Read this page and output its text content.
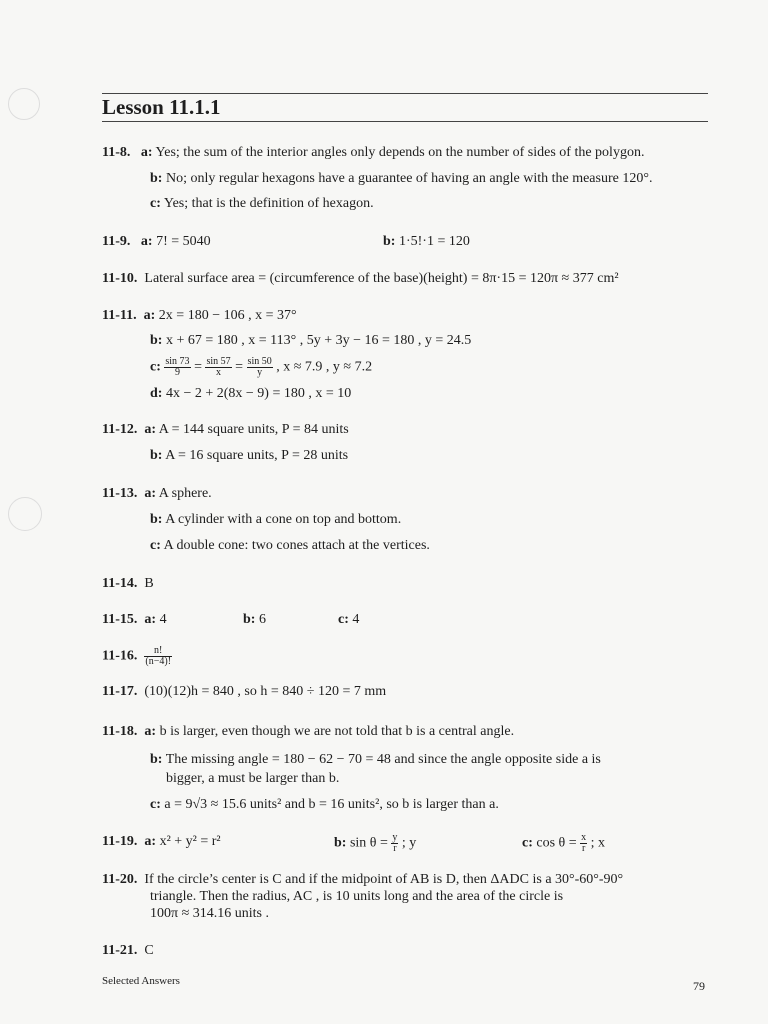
Lesson 11.1.1
11-8. a: Yes; the sum of the interior angles only depends on the number of sides of the polygon.
b: No; only regular hexagons have a guarantee of having an angle with the measure 120°.
c: Yes; that is the definition of hexagon.
11-9. a: 7! = 5040	b: 1·5!·1 = 120
11-10. Lateral surface area = (circumference of the base)(height) = 8π·15 = 120π ≈ 377 cm²
11-11. a: 2x = 180 − 106 , x = 37°
b: x + 67 = 180 , x = 113° , 5y + 3y − 16 = 180 , y = 24.5
c: $\frac{\sin 73}{9} = \frac{\sin 57}{x} = \frac{\sin 50}{y}$ , x ≈ 7.9 , y ≈ 7.2
d: 4x − 2 + 2(8x − 9) = 180 , x = 10
11-12. a: A = 144 square units, P = 84 units
b: A = 16 square units, P = 28 units
11-13. a: A sphere.
b: A cylinder with a cone on top and bottom.
c: A double cone: two cones attach at the vertices.
11-14. B
11-15. a: 4	b: 6	c: 4
11-16. $\frac{n!}{(n-4)!}$
11-17. (10)(12)h = 840 , so h = 840 ÷ 120 = 7 mm
11-18. a: b is larger, even though we are not told that b is a central angle.
b: The missing angle = 180 − 62 − 70 = 48 and since the angle opposite side a is
bigger, a must be larger than b.
c: a = 9√3 ≈ 15.6 units² and b = 16 units², so b is larger than a.
11-19. a: x² + y² = r²	b: $\sin \theta = \frac{y}{r}$ ; y	c: $\cos \theta = \frac{x}{r}$ ; x
11-20. If the circle’s center is C and if the midpoint of AB is D, then ΔADC is a 30°-60°-90°
triangle. Then the radius, AC , is 10 units long and the area of the circle is
100π ≈ 314.16 units .
11-21. C
Selected Answers	79
